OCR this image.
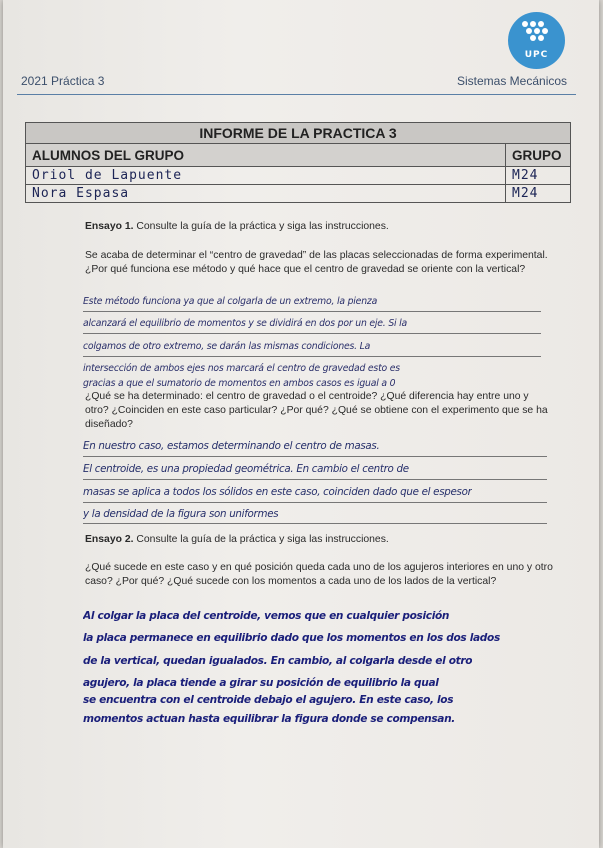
UPC
2021 Práctica 3	Sistemas Mecánicos
INFORME DE LA PRACTICA 3	
ALUMNOS DEL GRUPO	GRUPO
Oriol de Lapuente	M24
Nora Espasa	M24
Ensayo 1. Consulte la guía de la práctica y siga las instrucciones.
Se acaba de determinar el “centro de gravedad” de las placas seleccionadas de forma experimental. ¿Por qué funciona ese método y qué hace que el centro de gravedad se oriente con la vertical?
Este método funciona ya que al colgarla de un extremo, la pienza
alcanzará el equilibrio de momentos y se dividirá en dos por un eje. Si la
colgamos de otro extremo, se darán las mismas condiciones. La
intersección de ambos ejes nos marcará el centro de gravedad esto es
gracias a que el sumatorio de momentos en ambos casos es igual a 0
¿Qué se ha determinado: el centro de gravedad o el centroide? ¿Qué diferencia hay entre uno y otro? ¿Coinciden en este caso particular? ¿Por qué? ¿Qué se obtiene con el experimento que se ha diseñado?
En nuestro caso, estamos determinando el centro de masas.
El centroide, es una propiedad geométrica. En cambio el centro de
masas se aplica a todos los sólidos en este caso, coinciden dado que el espesor
y la densidad de la figura son uniformes
Ensayo 2. Consulte la guía de la práctica y siga las instrucciones.
¿Qué sucede en este caso y en qué posición queda cada uno de los agujeros interiores en uno y otro caso? ¿Por qué? ¿Qué sucede con los momentos a cada uno de los lados de la vertical?
Al colgar la placa del centroide, vemos que en cualquier posición
la placa permanece en equilibrio dado que los momentos en los dos lados
de la vertical, quedan igualados. En cambio, al colgarla desde el otro
agujero, la placa tiende a girar su posición de equilibrio la qual
se encuentra con el centroide debajo el agujero. En este caso, los
momentos actuan hasta equilibrar la figura donde se compensan.
